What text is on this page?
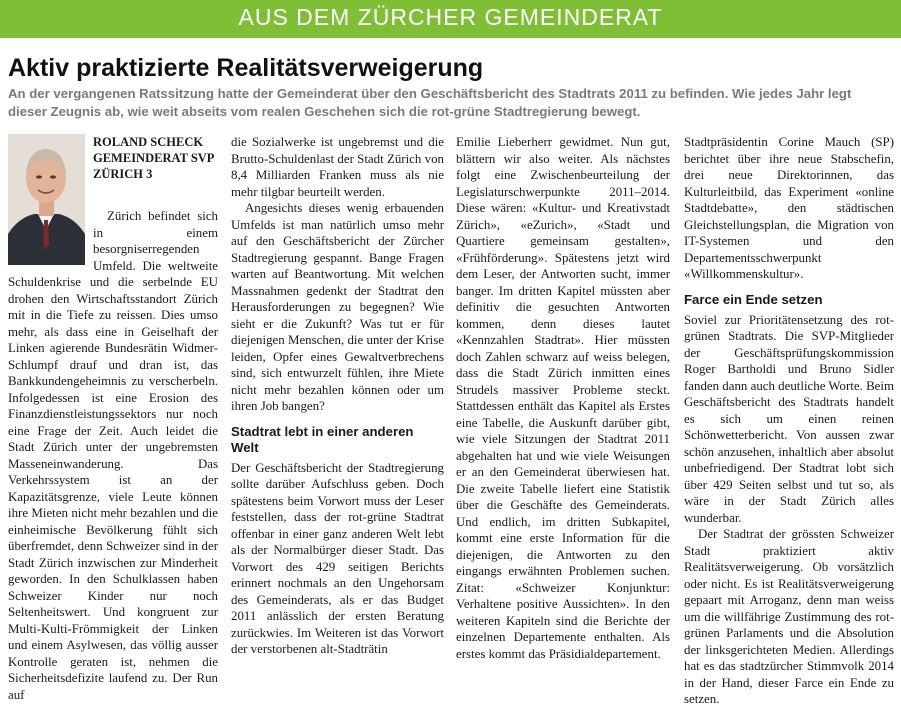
AUS DEM ZÜRCHER GEMEINDERAT
Aktiv praktizierte Realitätsverweigerung

An der vergangenen Ratssitzung hatte der Gemeinderat über den Geschäftsbericht des Stadtrats 2011 zu befinden. Wie jedes Jahr legt dieser Zeugnis ab, wie weit abseits vom realen Geschehen sich die rot-grüne Stadtregierung bewegt.

ROLAND SCHECK

GEMEINDERAT SVP ZÜRICH 3

Zürich befindet sich in einem besorgniserregenden Umfeld. Die weltweite Schuldenkrise und die serbelnde EU drohen den Wirtschaftsstandort Zürich mit in die Tiefe zu reissen. Dies umso mehr, als dass eine in Geiselhaft der Linken agierende Bundesrätin Widmer-Schlumpf drauf und dran ist, das Bankkundengeheimnis zu verscherbeln. Infolgedessen ist eine Erosion des Finanzdienstleistungssektors nur noch eine Frage der Zeit. Auch leidet die Stadt Zürich unter der ungebremsten Masseneinwanderung. Das Verkehrssystem ist an der Kapazitätsgrenze, viele Leute können ihre Mieten nicht mehr bezahlen und die einheimische Bevölkerung fühlt sich überfremdet, denn Schweizer sind in der Stadt Zürich inzwischen zur Minderheit geworden. In den Schulklassen haben Schweizer Kinder nur noch Seltenheitswert. Und kongruent zur Multi-Kulti-Frömmigkeit der Linken und einem Asylwesen, das völlig ausser Kontrolle geraten ist, nehmen die Sicherheitsdefizite laufend zu. Der Run auf

die Sozialwerke ist ungebremst und die Brutto-Schuldenlast der Stadt Zürich von 8,4 Milliarden Franken muss als nie mehr tilgbar beurteilt werden.

Angesichts dieses wenig erbauenden Umfelds ist man natürlich umso mehr auf den Geschäftsbericht der Zürcher Stadtregierung gespannt. Bange Fragen warten auf Beantwortung. Mit welchen Massnahmen gedenkt der Stadtrat den Herausforderungen zu begegnen? Wie sieht er die Zukunft? Was tut er für diejenigen Menschen, die unter der Krise leiden, Opfer eines Gewaltverbrechens sind, sich entwurzelt fühlen, ihre Miete nicht mehr bezahlen können oder um ihren Job bangen?

Stadtrat lebt in einer anderen Welt

Der Geschäftsbericht der Stadtregierung sollte darüber Aufschluss geben. Doch spätestens beim Vorwort muss der Leser feststellen, dass der rot-grüne Stadtrat offenbar in einer ganz anderen Welt lebt als der Normalbürger dieser Stadt. Das Vorwort des 429 seitigen Berichts erinnert nochmals an den Ungehorsam des Gemeinderats, als er das Budget 2011 anlässlich der ersten Beratung zurückwies. Im Weiteren ist das Vorwort der verstorbenen alt-Stadträtin

Emilie Lieberherr gewidmet. Nun gut, blättern wir also weiter. Als nächstes folgt eine Zwischenbeurteilung der Legislaturschwerpunkte 2011–2014. Diese wären: «Kultur- und Kreativstadt Zürich», «eZurich», «Stadt und Quartiere gemeinsam gestalten», «Frühförderung». Spätestens jetzt wird dem Leser, der Antworten sucht, immer banger. Im dritten Kapitel müssten aber definitiv die gesuchten Antworten kommen, denn dieses lautet «Kennzahlen Stadtrat». Hier müssten doch Zahlen schwarz auf weiss belegen, dass die Stadt Zürich inmitten eines Strudels massiver Probleme steckt. Stattdessen enthält das Kapitel als Erstes eine Tabelle, die Auskunft darüber gibt, wie viele Sitzungen der Stadtrat 2011 abgehalten hat und wie viele Weisungen er an den Gemeinderat überwiesen hat. Die zweite Tabelle liefert eine Statistik über die Geschäfte des Gemeinderats. Und endlich, im dritten Subkapitel, kommt eine erste Information für die diejenigen, die Antworten zu den eingangs erwähnten Problemen suchen. Zitat: «Schweizer Konjunktur: Verhaltene positive Aussichten». In den weiteren Kapiteln sind die Berichte der einzelnen Departemente enthalten. Als erstes kommt das Präsidialdepartement.

Stadtpräsidentin Corine Mauch (SP) berichtet über ihre neue Stabschefin, drei neue Direktorinnen, das Kulturleitbild, das Experiment «online Stadtdebatte», den städtischen Gleichstellungsplan, die Migration von IT-Systemen und den Departementsschwerpunkt «Willkommenskultur».

Farce ein Ende setzen

Soviel zur Prioritätensetzung des rot-grünen Stadtrats. Die SVP-Mitglieder der Geschäftsprüfungskommission Roger Bartholdi und Bruno Sidler fanden dann auch deutliche Worte. Beim Geschäftsbericht des Stadtrats handelt es sich um einen reinen Schönwetterbericht. Von aussen zwar schön anzusehen, inhaltlich aber absolut unbefriedigend. Der Stadtrat lobt sich über 429 Seiten selbst und tut so, als wäre in der Stadt Zürich alles wunderbar.

Der Stadtrat der grössten Schweizer Stadt praktiziert aktiv Realitätsverweigerung. Ob vorsätzlich oder nicht. Es ist Realitätsverweigerung gepaart mit Arroganz, denn man weiss um die willfährige Zustimmung des rot-grünen Parlaments und die Absolution der linksgerichteten Medien. Allerdings hat es das stadtzürcher Stimmvolk 2014 in der Hand, dieser Farce ein Ende zu setzen.
